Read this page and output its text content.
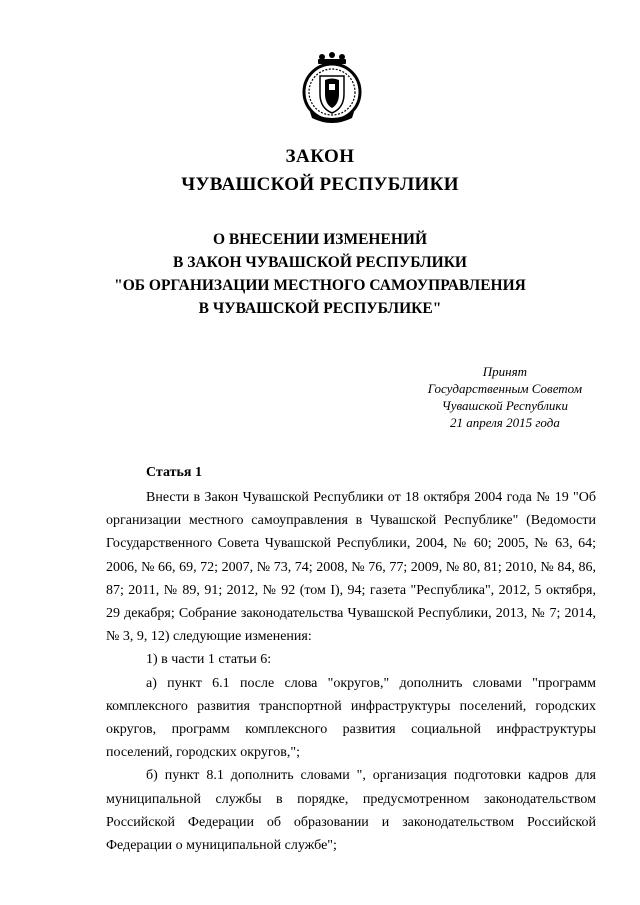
ЗАКОН
ЧУВАШСКОЙ РЕСПУБЛИКИ
О ВНЕСЕНИИ ИЗМЕНЕНИЙ
В ЗАКОН ЧУВАШСКОЙ РЕСПУБЛИКИ
"ОБ ОРГАНИЗАЦИИ МЕСТНОГО САМОУПРАВЛЕНИЯ
В ЧУВАШСКОЙ РЕСПУБЛИКЕ"
Принят
Государственным Советом
Чувашской Республики
21 апреля 2015 года
Статья 1

Внести в Закон Чувашской Республики от 18 октября 2004 года № 19 "Об организации местного самоуправления в Чувашской Республике" (Ведомости Государственного Совета Чувашской Республики, 2004, № 60; 2005, № 63, 64; 2006, № 66, 69, 72; 2007, № 73, 74; 2008, № 76, 77; 2009, № 80, 81; 2010, № 84, 86, 87; 2011, № 89, 91; 2012, № 92 (том I), 94; газета "Республика", 2012, 5 октября, 29 декабря; Собрание законодательства Чувашской Республики, 2013, № 7; 2014, № 3, 9, 12) следующие изменения:

1) в части 1 статьи 6:

а) пункт 6.1 после слова "округов," дополнить словами "программ комплексного развития транспортной инфраструктуры поселений, городских округов, программ комплексного развития социальной инфраструктуры поселений, городских округов,";

б) пункт 8.1 дополнить словами ", организация подготовки кадров для муниципальной службы в порядке, предусмотренном законодательством Российской Федерации об образовании и законодательством Российской Федерации о муниципальной службе";
